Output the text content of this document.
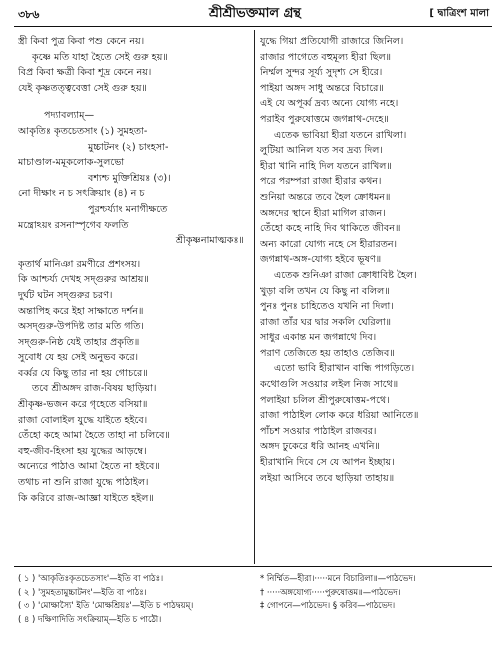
৩৮৬	শ্রীশ্রীভক্তমাল গ্রন্থ	[ দ্বাত্রিংশ মালা
স্ত্রী কিবা পুত্র কিবা পশু কেনে নয়।
কৃষ্ণে মতি যাহা হৈতে সেই গুরু হয়॥
বিপ্র কিবা ক্ষত্রী কিবা শূদ্র কেনে নয়।
যেই কৃষ্ণতত্ত্ববেত্তা সেই গুরু হয়॥
পদ্যাবল্যাম্‌—
আকৃতিঃ কৃতচেতসাং (১) সুমহতা-
মুচ্চাটনং (২) চাংহসা-
মাচাণ্ডাল-মমূকলোক-সুলভো
বশ্যশ্চ মুক্তিশ্রিয়ঃ (৩)।
নো দীক্ষাং ন চ সৎক্রিয়াং (৪) ন চ
পুরশ্চর্য্যাং মনাগীক্ষতে
মন্ত্রোঽয়ং রসনাস্পৃগেব ফলতি
শ্রীকৃষ্ণনামাত্মকঃ॥
কৃতার্থ মানিঞা রমণীরে প্রশংসয়।
কি আশ্চর্য্য দেখহ সদ্‌গুরুর আশ্রয়॥
দুর্ঘট ঘটন সদ্‌গুরুর চরণ।
অন্তাপিহ করে ইহা সাক্ষাতে দর্শন॥
অসদ্‌গুরু-উপদিষ্ট তার মতি গতি।
সদ্‌গুরু-নিষ্ঠ যেই তাহার প্রকৃতি॥
সুবোধ যে হয় সেই অনুভব করে।
বর্ব্বর যে কিছু তার না হয় গোচরে॥
তবে শ্রীঅঙ্গদ রাজ-বিষয় ছাড়িয়া।
শ্রীকৃষ্ণ-ভজন করে গৃহেতে বসিয়া॥
রাজা বোলাইল যুদ্ধে যাইতে হইবে।
তেঁহো কহে আমা হৈতে তাহা না চলিবে॥
বহু-জীব-হিংসা হয় যুদ্ধের আড়ম্বে।
অন্যেরে পাঠাও আমা হৈতে না হইবে॥
তথাচ না শুনি রাজা যুদ্ধে পাঠাইল।
কি করিবে রাজ-আজ্ঞা যাইতে হইল॥
যুদ্ধে গিয়া প্রতিযোগী রাজারে জিনিল।
রাজার পাগেতে বহুমূল্য হীরা ছিল॥
নির্ম্মল সুন্দর সূর্য্য সুদৃশ্য সে হীরে।
পাইয়া অঙ্গদ সাধু অন্তরে বিচারে॥
এই যে অপূর্ব্ব দ্রব্য অন্যে যোগ্য নহে।
পরাইব পুরুষোত্তমে জগন্নাথ-দেহে॥
এতেক ভাবিয়া হীরা যতনে রাখিলা।
লুটিয়া আনিল যত সব দ্রব্য দিল।
হীরা খানি নাহি দিল যতনে রাখিল॥
পরে পরম্পরা রাজা হীরার কথন।
শুনিয়া অন্তরে তবে হৈল ক্রোধমন॥
অঙ্গদের স্থানে হীরা মাগিল রাজন।
তেঁহো কহে নাহি দিব থাকিতে জীবন॥
অন্য কারো যোগ্য নহে সে হীরারতন।
জগন্নাথ-অঙ্গ-যোগ্য হইবে ভূষণ॥
এতেক শুনিঞা রাজা ক্রোধাবিষ্ট হৈল।
খুড়া বলি তখন যে কিছু না বলিল॥
পুনঃ পুনঃ চাহিতেও যখনি না দিলা।
রাজা তাঁর ঘর দ্বার সকলি ঘেরিলা॥
সাধুর একান্ত মন জগন্নাথে দিব।
পরাণ তেজিতে হয় তাহাও তেজিব॥
এতো ভাবি হীরাখান বান্ধি পাগড়িতে।
কথোগুলি সওয়ার লইল নিজ সাথে॥
পলাইয়া চলিল শ্রীপুরুষোত্তম-পথে।
রাজা পাঠাইল লোক করে ধরিয়া আনিতে॥
পাঁচশ সওয়ার পাঠাইল রাজবর।
অঙ্গদ ঢুকেরে ধরি আনহ এখনি॥
হীরাখানি দিবে সে যে আপন ইচ্ছায়।
লইয়া আসিবে তবে ছাড়িয়া তাহায়॥
( ১ ) 'আকৃতিঃকৃতচেতসাং'—ইতি বা পাঠঃ।
( ২ ) 'সুমহতামুচ্চাটনং'—ইতি বা পাঠঃ।
( ৩ ) 'মোক্ষাস্যৈ' ইতি 'মোক্ষশ্রিয়ঃ'—ইতি চ পাঠদ্বয়ম্‌।
( ৪ ) দক্ষিণাদিতি সৎক্রিয়াম্‌—ইতি চ পাঠৌ।
* নির্ম্মিত—হীরা।·····মনে বিচারিলা॥—পাঠভেদ।
† ·····অঙ্গযোগ্য·····পুরুষোত্তম॥—পাঠভেদ।
‡ গোপনে—পাঠভেদ। § করিব—পাঠভেদ।
